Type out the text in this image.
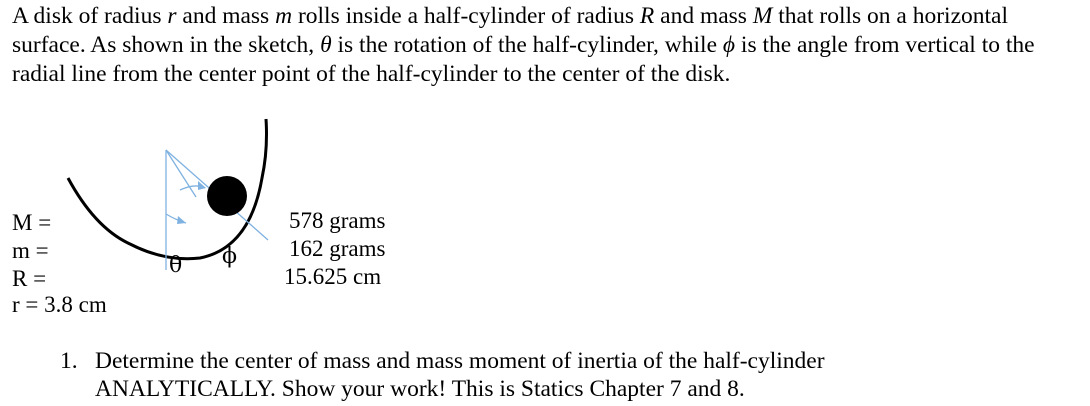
A disk of radius r and mass m rolls inside a half-cylinder of radius R and mass M that rolls on a horizontal surface. As shown in the sketch, θ is the rotation of the half-cylinder, while ϕ is the angle from vertical to the radial line from the center point of the half-cylinder to the center of the disk.

θ ϕ
M =
m =
R =
r = 3.8 cm
578 grams
162 grams
15.625 cm
1. Determine the center of mass and mass moment of inertia of the half-cylinder ANALYTICALLY. Show your work! This is Statics Chapter 7 and 8.
